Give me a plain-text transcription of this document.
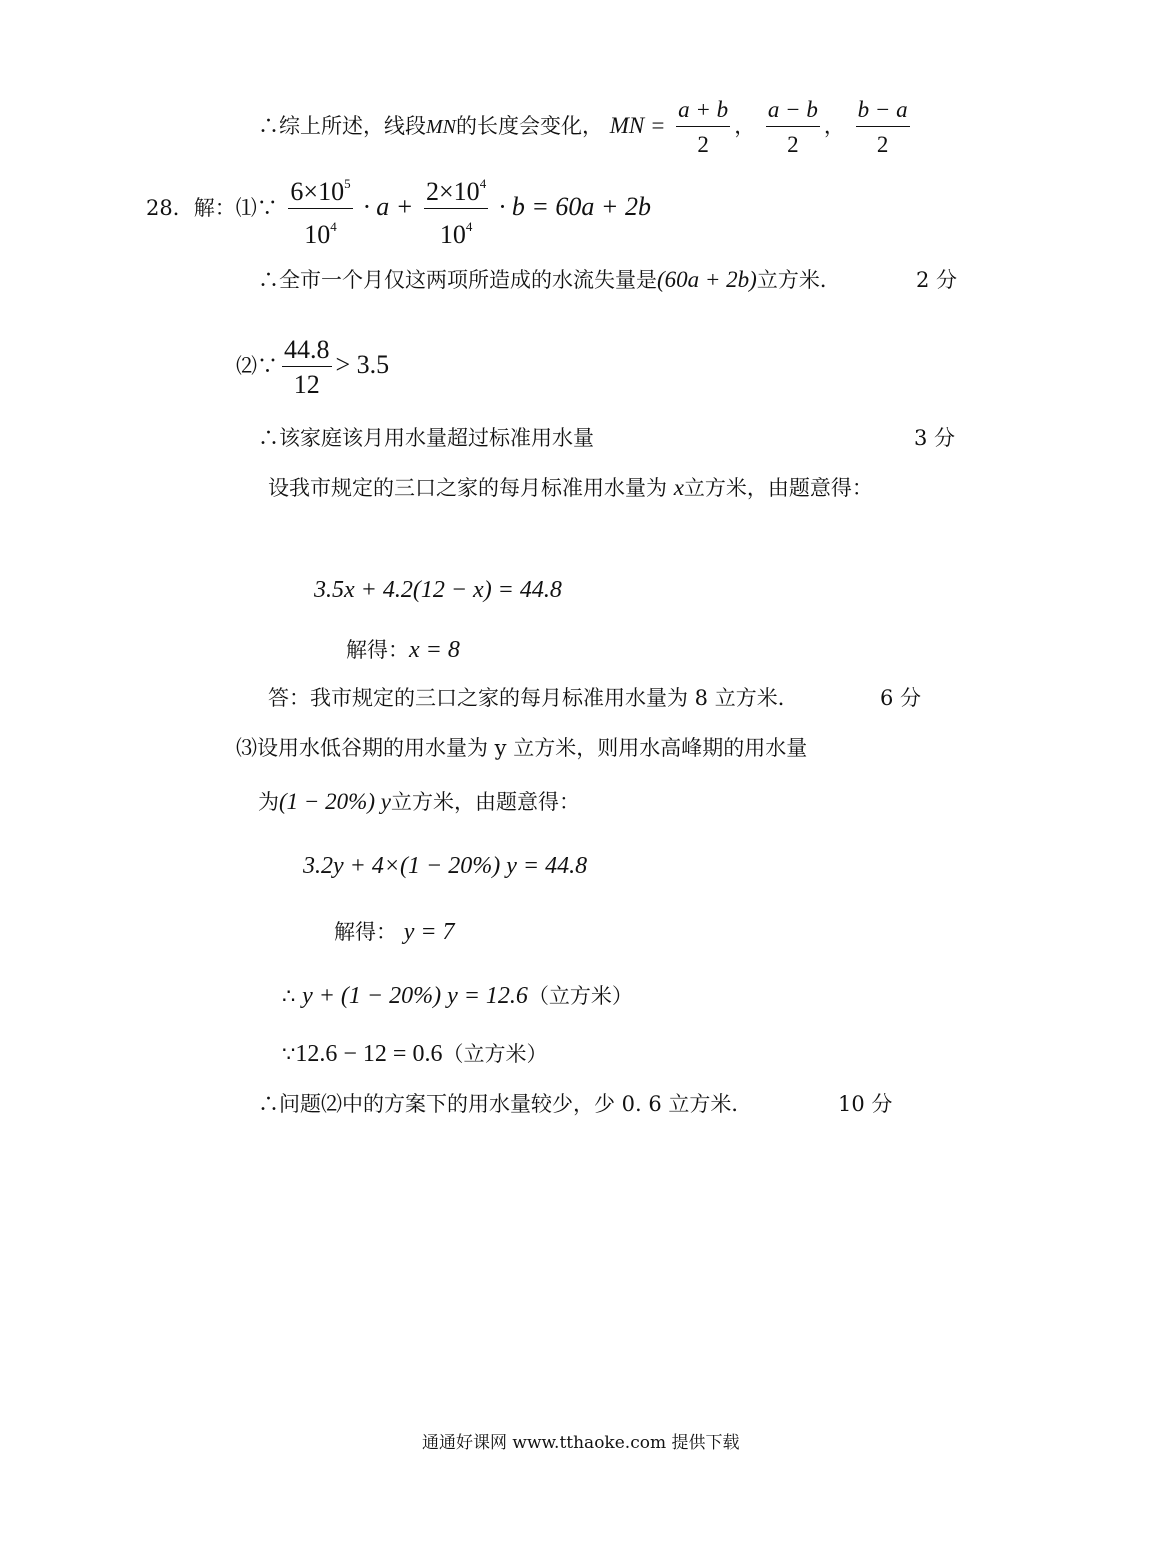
∴综上所述，线段MN的长度会变化， MN = $\frac{a + b}{2}$ ， $\frac{a - b}{2}$ ， $\frac{b - a}{2}$
28．解：⑴∵ $\frac{6\times 10^5}{10^4} \cdot a + \frac{2\times 10^4}{10^4} \cdot b = 60a + 2b$
∴全市一个月仅这两项所造成的水流失量是(60a + 2b)立方米．	2 分
⑵∵ $\frac{44.8}{12} > 3.5$
∴该家庭该月用水量超过标准用水量	3 分
设我市规定的三口之家的每月标准用水量为 x立方米，由题意得：
3.5x + 4.2(12 − x) = 44.8
解得：x = 8
答：我市规定的三口之家的每月标准用水量为 8 立方米．	6 分
⑶设用水低谷期的用水量为 y 立方米，则用水高峰期的用水量
为(1 − 20%) y立方米，由题意得：
3.2y + 4×(1 − 20%) y = 44.8
解得： y = 7
∴ y + (1 − 20%) y = 12.6（立方米）
∵12.6 − 12 = 0.6（立方米）
∴问题⑵中的方案下的用水量较少，少 0. 6 立方米．	10 分
通通好课网 www.tthaoke.com 提供下载
